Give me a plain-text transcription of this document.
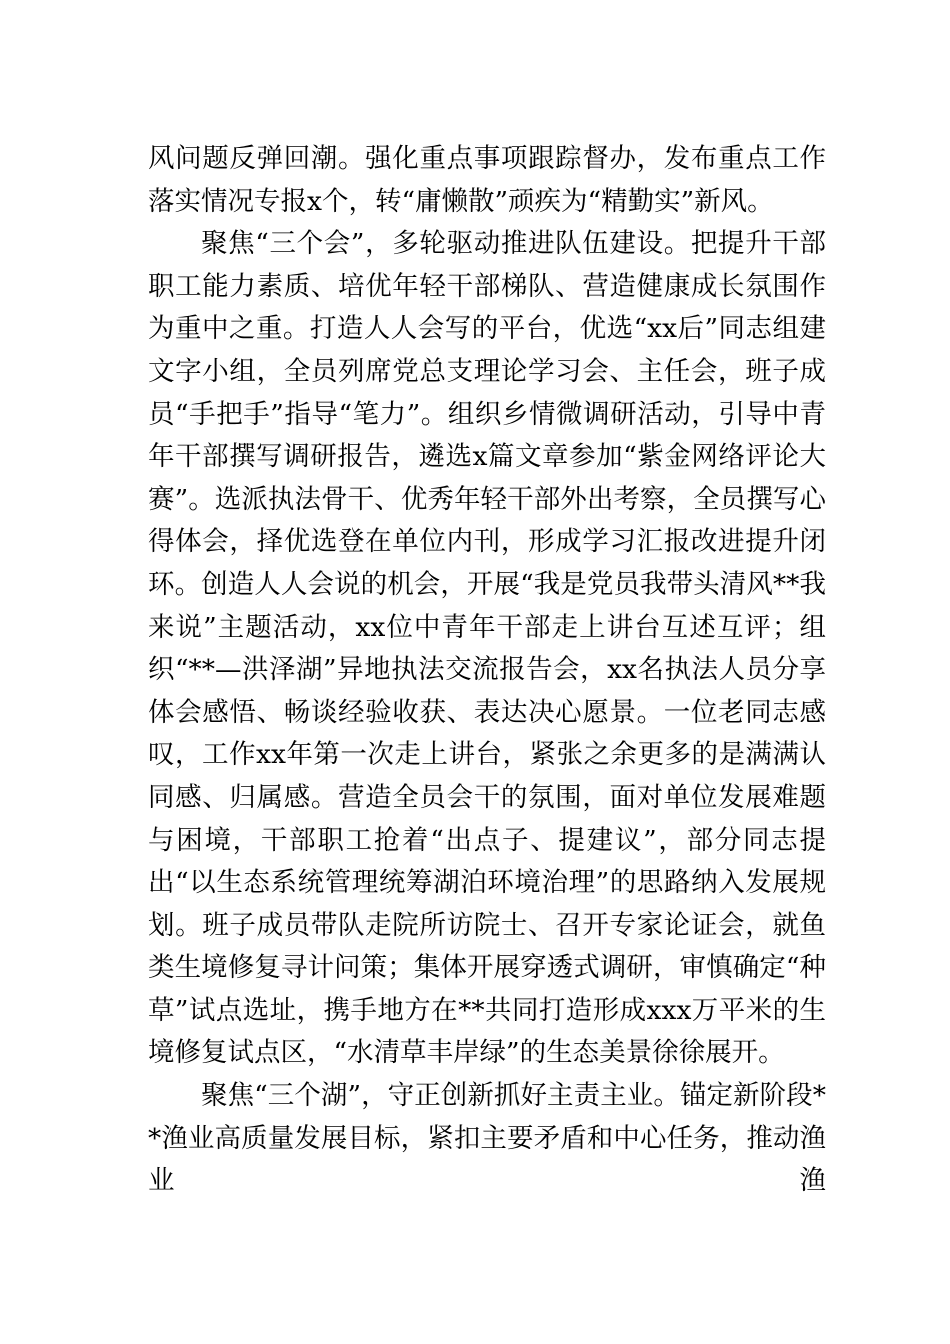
风问题反弹回潮。强化重点事项跟踪督办，发布重点工作落实情况专报x个，转“庸懒散”顽疾为“精勤实”新风。

聚焦“三个会”，多轮驱动推进队伍建设。把提升干部职工能力素质、培优年轻干部梯队、营造健康成长氛围作为重中之重。打造人人会写的平台，优选“xx后”同志组建文字小组，全员列席党总支理论学习会、主任会，班子成员“手把手”指导“笔力”。组织乡情微调研活动，引导中青年干部撰写调研报告，遴选x篇文章参加“紫金网络评论大赛”。选派执法骨干、优秀年轻干部外出考察，全员撰写心得体会，择优选登在单位内刊，形成学习汇报改进提升闭环。创造人人会说的机会，开展“我是党员我带头清风**我来说”主题活动，xx位中青年干部走上讲台互述互评；组织“**—洪泽湖”异地执法交流报告会，xx名执法人员分享体会感悟、畅谈经验收获、表达决心愿景。一位老同志感叹，工作xx年第一次走上讲台，紧张之余更多的是满满认同感、归属感。营造全员会干的氛围，面对单位发展难题与困境，干部职工抢着“出点子、提建议”，部分同志提出“以生态系统管理统筹湖泊环境治理”的思路纳入发展规划。班子成员带队走院所访院士、召开专家论证会，就鱼类生境修复寻计问策；集体开展穿透式调研，审慎确定“种草”试点选址，携手地方在**共同打造形成xxx万平米的生境修复试点区，“水清草丰岸绿”的生态美景徐徐展开。

聚焦“三个湖”，守正创新抓好主责主业。锚定新阶段**渔业高质量发展目标，紧扣主要矛盾和中心任务，推动渔业渔
